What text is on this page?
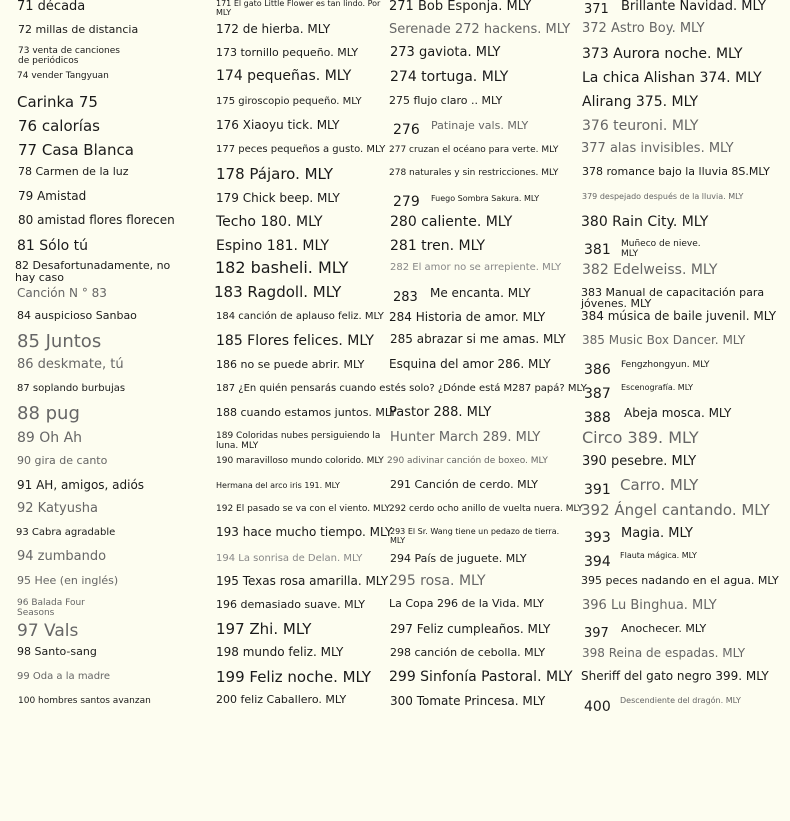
71 década
72 millas de distancia
73 venta de canciones de periódicos
74 vender Tangyuan
Carinka 75
76 calorías
77 Casa Blanca
78 Carmen de la luz
79 Amistad
80 amistad flores florecen
81 Sólo tú
82 Desafortunadamente, no hay caso
Canción N ° 83
84 auspicioso Sanbao
85 Juntos
86 deskmate, tú
87 soplando burbujas
88 pug
89 Oh Ah
90 gira de canto
91 AH, amigos, adiós
92 Katyusha
93 Cabra agradable
94 zumbando
95 Hee (en inglés)
96 Balada Four Seasons
97 Vals
98 Santo-sang
99 Oda a la madre
100 hombres santos avanzan
171 El gato Little Flower es tan lindo. Por MLY
172 de hierba. MLY
173 tornillo pequeño. MLY
174 pequeñas. MLY
175 giroscopio pequeño. MLY
176 Xiaoyu tick. MLY
177 peces pequeños a gusto. MLY
178 Pájaro. MLY
179 Chick beep. MLY
Techo 180. MLY
Espino 181. MLY
182 basheli. MLY
183 Ragdoll. MLY
184 canción de aplauso feliz. MLY
185 Flores felices. MLY
186 no se puede abrir. MLY
187 ¿En quién pensarás cuando estés solo? ¿Dónde está M287 papá? MLY
188 cuando estamos juntos. MLY
189 Coloridas nubes persiguiendo la luna. MLY
190 maravilloso mundo colorido. MLY
Hermana del arco iris 191. MLY
192 El pasado se va con el viento. MLY
193 hace mucho tiempo. MLY
194 La sonrisa de Delan. MLY
195 Texas rosa amarilla. MLY
196 demasiado suave. MLY
197 Zhi. MLY
198 mundo feliz. MLY
199 Feliz noche. MLY
200 feliz Caballero. MLY
271 Bob Esponja. MLY
Serenade 272 hackens. MLY
273 gaviota. MLY
274 tortuga. MLY
275 flujo claro .. MLY
276 Patinaje vals. MLY
277 cruzan el océano para verte. MLY
278 naturales y sin restricciones. MLY
279 Fuego Sombra Sakura. MLY
280 caliente. MLY
281 tren. MLY
282 El amor no se arrepiente. MLY
283 Me encanta. MLY
284 Historia de amor. MLY
285 abrazar si me amas. MLY
Esquina del amor 286. MLY
Pastor 288. MLY
Hunter March 289. MLY
290 adivinar canción de boxeo. MLY
291 Canción de cerdo. MLY
292 cerdo ocho anillo de vuelta nuera. MLY
293 El Sr. Wang tiene un pedazo de tierra. MLY
294 País de juguete. MLY
295 rosa. MLY
La Copa 296 de la Vida. MLY
297 Feliz cumpleaños. MLY
298 canción de cebolla. MLY
299 Sinfonía Pastoral. MLY
300 Tomate Princesa. MLY
371 Brillante Navidad. MLY
372 Astro Boy. MLY
373 Aurora noche. MLY
La chica Alishan 374. MLY
Alirang 375. MLY
376 teuroni. MLY
377 alas invisibles. MLY
378 romance bajo la lluvia 8S.MLY
379 despejado después de la lluvia. MLY
380 Rain City. MLY
381 Muñeco de nieve. MLY
382 Edelweiss. MLY
383 Manual de capacitación para jóvenes. MLY
384 música de baile juvenil. MLY
385 Music Box Dancer. MLY
386 Fengzhongyun. MLY
387 Escenografía. MLY
388 Abeja mosca. MLY
Circo 389. MLY
390 pesebre. MLY
391 Carro. MLY
392 Ángel cantando. MLY
393 Magia. MLY
394 Flauta mágica. MLY
395 peces nadando en el agua. MLY
396 Lu Binghua. MLY
397 Anochecer. MLY
398 Reina de espadas. MLY
Sheriff del gato negro 399. MLY
400 Descendiente del dragón. MLY
